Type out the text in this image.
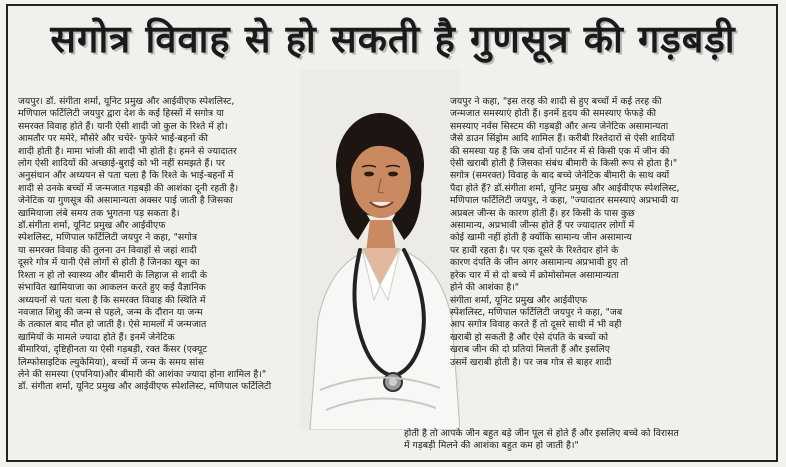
सगोत्र विवाह से हो सकती है गुणसूत्र की गड़बड़ी

जयपुर। डॉ. संगीता शर्मा, यूनिट प्रमुख और आईवीएफ स्पेशलिस्ट,

मणिपाल फर्टिलिटी जयपुर द्वारा देश के कई हिस्सों में सगोत्र या

समरक्त विवाह होते हैं। यानी ऐसी शादी जो कुल के रिश्ते में हो।

आमतौर पर ममेरे, मौसेरे और चचेरे- फुफेरे भाई-बहनों की

शादी होती है। मामा भांजी की शादी भी होती है। हमने से ज्यादातर

लोग ऐसी शादियों की अच्छाई-बुराई को भी नहीं समझते हैं। पर

अनुसंधान और अध्ययन से पता चला है कि रिश्ते के भाई-बहनों में

शादी से उनके बच्चों में जन्मजात गड़बड़ी की आशंका दूनी रहती है।

जेनेटिक या गुणसूत्र की असामान्यता अक्सर पाई जाती है जिसका

खामियाजा लंबे समय तक भुगतना पड़ सकता है।

डॉ.संगीता शर्मा, यूनिट प्रमुख और आईवीएफ

स्पेशलिस्ट, मणिपाल फर्टिलिटी जयपुर ने कहा, "सगोत्र

या समरक्त विवाह की तुलना उन विवाहों से जहां शादी

दूसरे गोत्र में यानी ऐसे लोगों से होती है जिनका खून का

रिश्ता न हो तो स्वास्थ्य और बीमारी के लिहाज से शादी के

संभावित खामियाजा का आकलन करते हुए कई वैज्ञानिक

अध्ययनों से पता चला है कि समरक्त विवाह की स्थिति में

नवजात शिशु की जन्म से पहले, जन्म के दौरान या जन्म

के तत्काल बाद मौत हो जाती है। ऐसे मामलों में जन्मजात

खामियों के मामले ज्यादा होते हैं। इनमें जेनेटिक

बीमारियां, दृष्टिहीनता या ऐसी गड़बड़ी, रक्त कैंसर (एक्यूट

लिम्फोसाइटिक ल्युकेमिया), बच्चों में जन्म के समय सांस

लेने की समस्या (एपनिया)और बीमारी की आशंका ज्यादा होना शामिल है।"

डॉ. संगीता शर्मा, यूनिट प्रमुख और आईवीएफ स्पेशलिस्ट, मणिपाल फर्टिलिटी

जयपुर ने कहा, "इस तरह की शादी से हुए बच्चों में कई तरह की

जन्मजात समस्याएं होती हैं। इनमें हृदय की समस्याए फेफड़े की

समस्याए नर्वस सिस्टम की गड़बड़ी और अन्य जेनेटिक असामान्यता

जैसे डाउन सिंड्रोम आदि शामिल हैं। करीबी रिश्तेदारों से ऐसी शादियों

की समस्या यह है कि जब दोनों पार्टनर में से किसी एक में जीन की

ऐसी खराबी होती है जिसका संबंध बीमारी के किसी रूप से होता है।"

सगोत्र (समरक्त) विवाह के बाद बच्चे जेनेटिक बीमारी के साथ क्यों

पैदा होते हैं? डॉ.संगीता शर्मा, यूनिट प्रमुख और आईवीएफ स्पेशलिस्ट,

मणिपाल फर्टिलिटी जयपुर, ने कहा, "ज्यादातर समस्याएं अप्रभावी या

अप्रबल जीन्स के कारण होती हैं। हर किसी के पास कुछ

असामान्य, अप्रभावी जीन्स होते हैं पर ज्यादातर लोगों में

कोई खामी नहीं होती है क्योंकि सामान्य जीन असामान्य

पर हावी रहता है। पर एक दूसरे के रिश्तेदार होने के

कारण दंपति के जीन अगर असामान्य अप्रभावी हुए तो

हरेक चार में से दो बच्चे में क्रोमोसोमल असामान्यता

होने की आशंका है।"

संगीता शर्मा, यूनिट प्रमुख और आईवीएफ

स्पेशलिस्ट, मणिपाल फर्टिलिटी जयपुर ने कहा, "जब

आप सगोत्र विवाह करते हैं तो दूसरे साथी में भी वही

खराबी हो सकती है और ऐसे दंपति के बच्चों को

खराब जीन की दो प्रतियां मिलती हैं और इसलिए

उसमें खराबी होती है। पर जब गोत्र से बाहर शादी

होती है तो आपके जीन बहुत बड़े जीन पूल से होते हैं और इसलिए बच्चे को विरासत

में गड़बड़ी मिलने की आशंका बहुत कम हो जाती है।"
